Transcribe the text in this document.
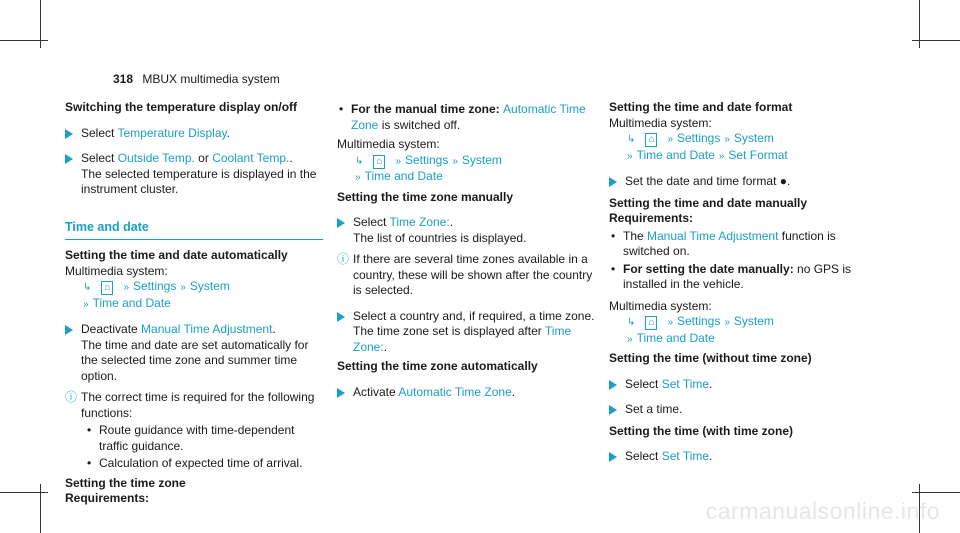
318 MBUX multimedia system

Switching the temperature display on/off

Select Temperature Display.
Select Outside Temp. or Coolant Temp..

The selected temperature is displayed in the instrument cluster.

Time and date

Setting the time and date automatically

Multimedia system:

↳ ⌂ » Settings » System
» Time and Date

Deactivate Manual Time Adjustment.

The time and date are set automatically for the selected time zone and summer time option.

ⓘ The correct time is required for the following functions:
• Route guidance with time-dependent traffic guidance.
• Calculation of expected time of arrival.

Setting the time zone

Requirements:

• For the manual time zone: Automatic Time Zone is switched off.

Multimedia system:

↳ ⌂ » Settings » System
» Time and Date

Setting the time zone manually

Select Time Zone:.

The list of countries is displayed.

ⓘ If there are several time zones available in a country, these will be shown after the country is selected.
Select a country and, if required, a time zone.

The time zone set is displayed after Time Zone:.

Setting the time zone automatically

Activate Automatic Time Zone.

Setting the time and date format

Multimedia system:

↳ ⌂ » Settings » System
» Time and Date » Set Format

Set the date and time format ●.

Setting the time and date manually

Requirements:

• The Manual Time Adjustment function is switched on.
• For setting the date manually: no GPS is installed in the vehicle.

Multimedia system:

↳ ⌂ » Settings » System
» Time and Date

Setting the time (without time zone)

Select Set Time.
Set a time.

Setting the time (with time zone)

Select Set Time.
carmanualsonline.info
